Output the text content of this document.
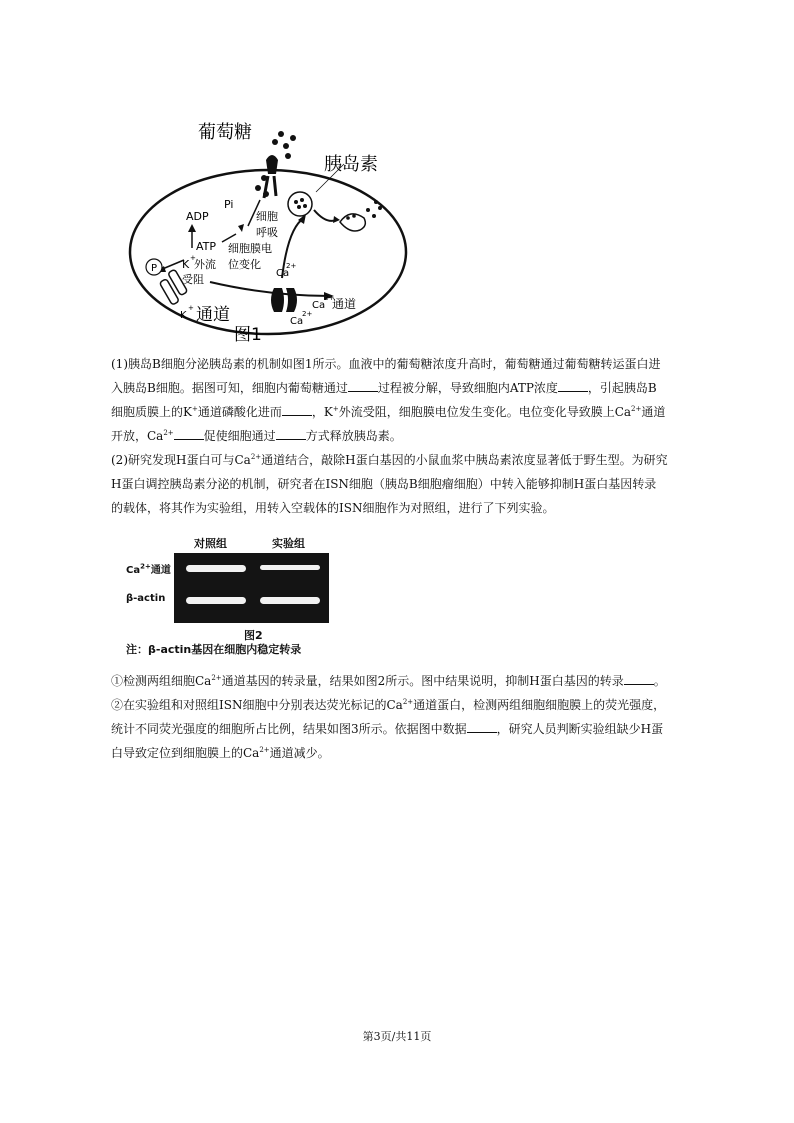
P
葡萄糖
胰岛素
ADP
Pi
ATP
细胞
呼吸
细胞膜电
位变化
K +
外流
受阻	Ca
2+
Ca
2+
通道
Ca
2+
K
+ 通道
图1

(1)胰岛B细胞分泌胰岛素的机制如图1所示。血液中的葡萄糖浓度升高时，葡萄糖通过葡萄糖转运蛋白进

入胰岛B细胞。据图可知，细胞内葡萄糖通过	过程被分解，导致细胞内ATP浓度	，引起胰岛B

细胞质膜上的K+通道磷酸化进而	，K+外流受阻，细胞膜电位发生变化。电位变化导致膜上$Ca^{2+}$通道

开放，$Ca^{2+}$	促使细胞通过	方式释放胰岛素。

(2)研究发现H蛋白可与$Ca^{2+}$通道结合，敲除H蛋白基因的小鼠血浆中胰岛素浓度显著低于野生型。为研究

H蛋白调控胰岛素分泌的机制，研究者在ISN细胞（胰岛B细胞瘤细胞）中转入能够抑制H蛋白基因转录

的载体，将其作为实验组，用转入空载体的ISN细胞作为对照组，进行了下列实验。

对照组	实验组
$Ca^{2+}$通道
β-actin
图2
注：β-actin基因在细胞内稳定转录

①检测两组细胞$Ca^{2+}$通道基因的转录量，结果如图2所示。图中结果说明，抑制H蛋白基因的转录	。

②在实验组和对照组ISN细胞中分别表达荧光标记的$Ca^{2+}$通道蛋白，检测两组细胞细胞膜上的荧光强度，

统计不同荧光强度的细胞所占比例，结果如图3所示。依据图中数据	，研究人员判断实验组缺少H蛋

白导致定位到细胞膜上的$Ca^{2+}$通道减少。

第3页/共11页
